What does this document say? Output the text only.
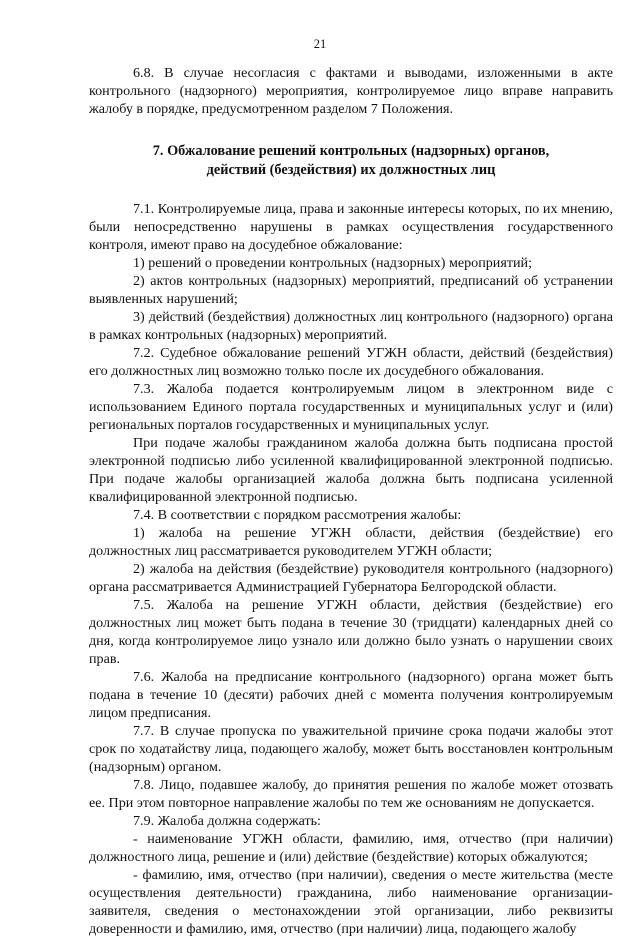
21

6.8. В случае несогласия с фактами и выводами, изложенными в акте контрольного (надзорного) мероприятия, контролируемое лицо вправе направить жалобу в порядке, предусмотренном разделом 7 Положения.

7. Обжалование решений контрольных (надзорных) органов,
действий (бездействия) их должностных лиц

7.1. Контролируемые лица, права и законные интересы которых, по их мнению, были непосредственно нарушены в рамках осуществления государственного контроля, имеют право на досудебное обжалование:

1) решений о проведении контрольных (надзорных) мероприятий;

2) актов контрольных (надзорных) мероприятий, предписаний об устранении выявленных нарушений;

3) действий (бездействия) должностных лиц контрольного (надзорного) органа в рамках контрольных (надзорных) мероприятий.

7.2. Судебное обжалование решений УГЖН области, действий (бездействия) его должностных лиц возможно только после их досудебного обжалования.

7.3. Жалоба подается контролируемым лицом в электронном виде с использованием Единого портала государственных и муниципальных услуг и (или) региональных порталов государственных и муниципальных услуг.

При подаче жалобы гражданином жалоба должна быть подписана простой электронной подписью либо усиленной квалифицированной электронной подписью. При подаче жалобы организацией жалоба должна быть подписана усиленной квалифицированной электронной подписью.

7.4. В соответствии с порядком рассмотрения жалобы:

1) жалоба на решение УГЖН области, действия (бездействие) его должностных лиц рассматривается руководителем УГЖН области;

2) жалоба на действия (бездействие) руководителя контрольного (надзорного) органа рассматривается Администрацией Губернатора Белгородской области.

7.5. Жалоба на решение УГЖН области, действия (бездействие) его должностных лиц может быть подана в течение 30 (тридцати) календарных дней со дня, когда контролируемое лицо узнало или должно было узнать о нарушении своих прав.

7.6. Жалоба на предписание контрольного (надзорного) органа может быть подана в течение 10 (десяти) рабочих дней с момента получения контролируемым лицом предписания.

7.7. В случае пропуска по уважительной причине срока подачи жалобы этот срок по ходатайству лица, подающего жалобу, может быть восстановлен контрольным (надзорным) органом.

7.8. Лицо, подавшее жалобу, до принятия решения по жалобе может отозвать ее. При этом повторное направление жалобы по тем же основаниям не допускается.

7.9. Жалоба должна содержать:

- наименование УГЖН области, фамилию, имя, отчество (при наличии) должностного лица, решение и (или) действие (бездействие) которых обжалуются;

- фамилию, имя, отчество (при наличии), сведения о месте жительства (месте осуществления деятельности) гражданина, либо наименование организации-заявителя, сведения о местонахождении этой организации, либо реквизиты доверенности и фамилию, имя, отчество (при наличии) лица, подающего жалобу
